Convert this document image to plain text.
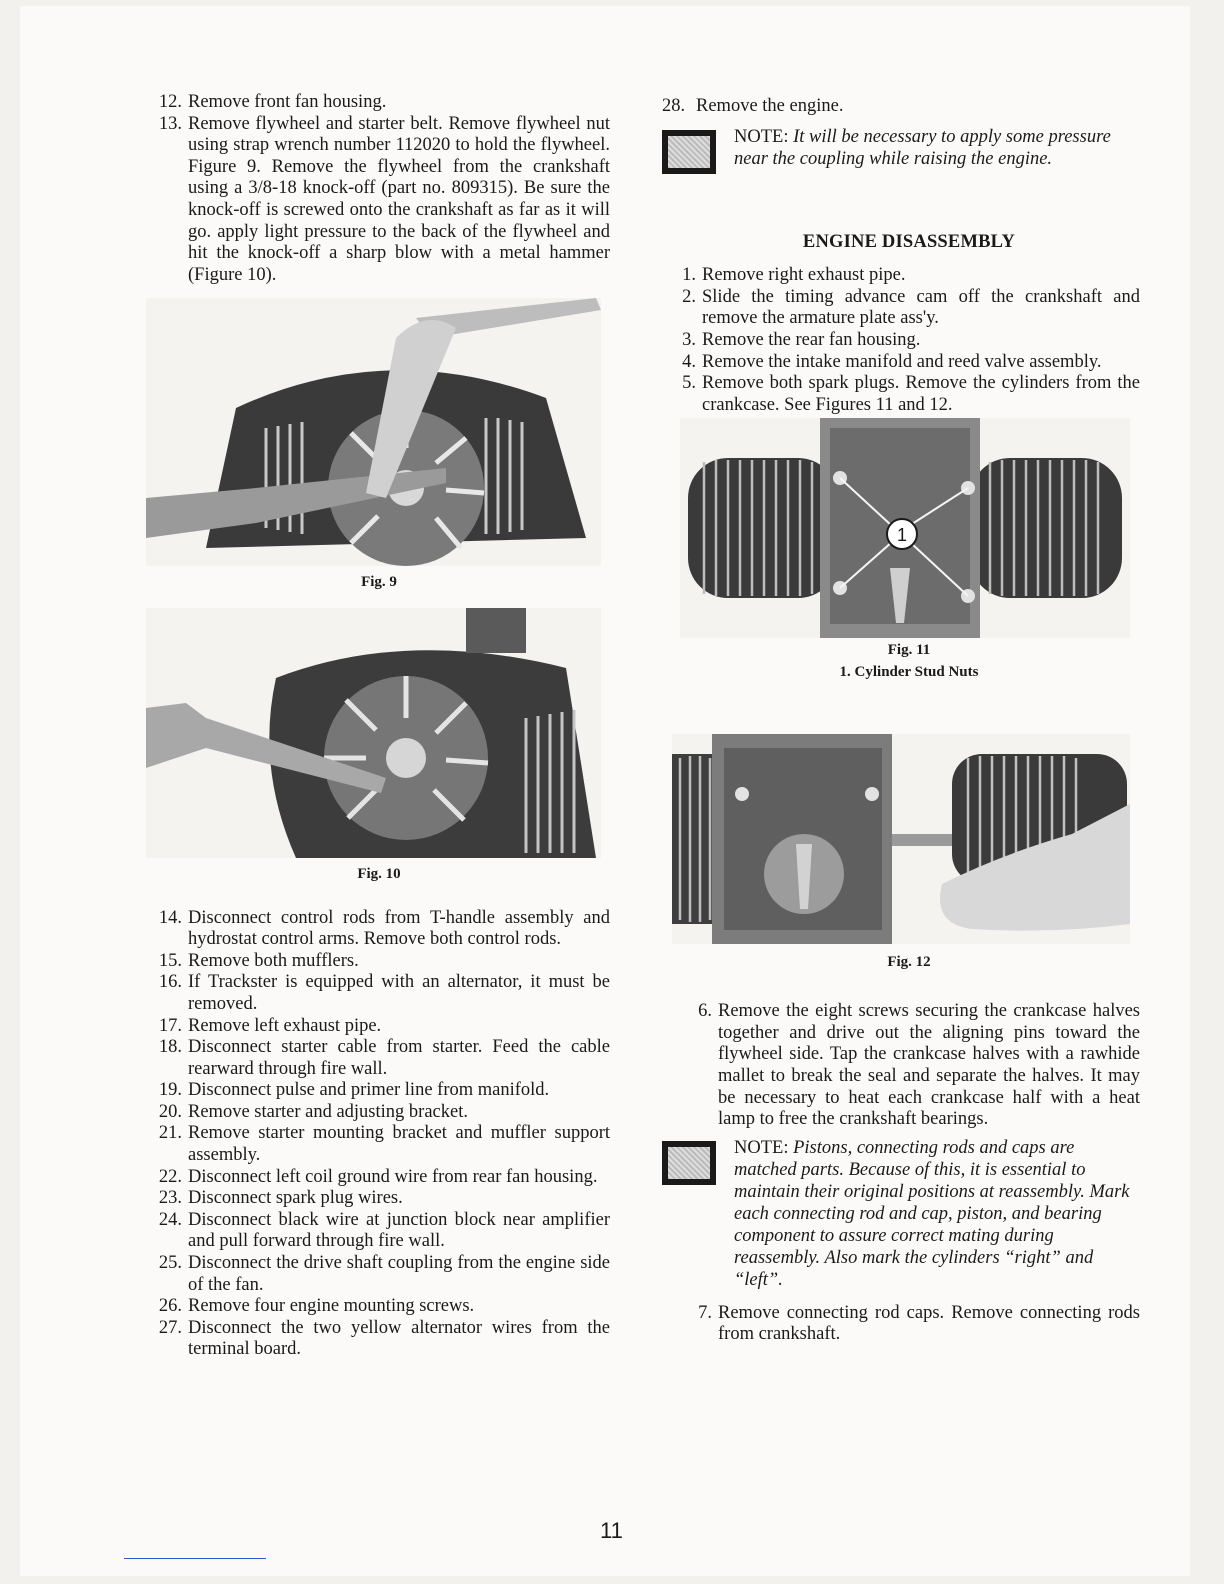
12. Remove front fan housing.
13. Remove flywheel and starter belt. Remove flywheel nut using strap wrench number 112020 to hold the flywheel. Figure 9. Remove the flywheel from the crankshaft using a 3/8-18 knock-off (part no. 809315). Be sure the knock-off is screwed onto the crankshaft as far as it will go. apply light pressure to the back of the flywheel and hit the knock-off a sharp blow with a metal hammer (Figure 10).
Fig. 9
Fig. 10
14. Disconnect control rods from T-handle assembly and hydrostat control arms. Remove both control rods.
15. Remove both mufflers.
16. If Trackster is equipped with an alternator, it must be removed.
17. Remove left exhaust pipe.
18. Disconnect starter cable from starter. Feed the cable rearward through fire wall.
19. Disconnect pulse and primer line from manifold.
20. Remove starter and adjusting bracket.
21. Remove starter mounting bracket and muffler support assembly.
22. Disconnect left coil ground wire from rear fan housing.
23. Disconnect spark plug wires.
24. Disconnect black wire at junction block near amplifier and pull forward through fire wall.
25. Disconnect the drive shaft coupling from the engine side of the fan.
26. Remove four engine mounting screws.
27. Disconnect the two yellow alternator wires from the terminal board.
28. Remove the engine.
NOTE: It will be necessary to apply some pressure near the coupling while raising the engine.
ENGINE DISASSEMBLY
1. Remove right exhaust pipe.
2. Slide the timing advance cam off the crankshaft and remove the armature plate ass'y.
3. Remove the rear fan housing.
4. Remove the intake manifold and reed valve assembly.
5. Remove both spark plugs. Remove the cylinders from the crankcase. See Figures 11 and 12.
1
Fig. 11
1. Cylinder Stud Nuts
Fig. 12
6. Remove the eight screws securing the crankcase halves together and drive out the aligning pins toward the flywheel side. Tap the crankcase halves with a rawhide mallet to break the seal and separate the halves. It may be necessary to heat each crankcase half with a heat lamp to free the crankshaft bearings.
NOTE: Pistons, connecting rods and caps are matched parts. Because of this, it is essential to maintain their original positions at reassembly. Mark each connecting rod and cap, piston, and bearing component to assure correct mating during reassembly. Also mark the cylinders “right” and “left”.
7. Remove connecting rod caps. Remove connecting rods from crankshaft.
11
